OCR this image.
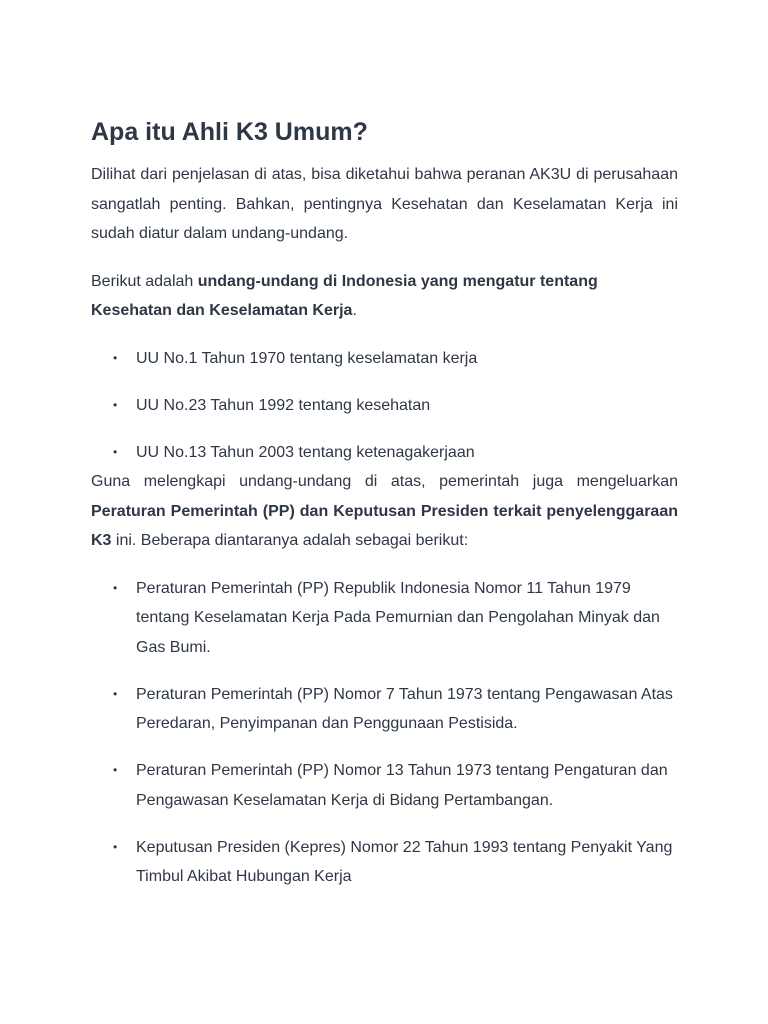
Apa itu Ahli K3 Umum?

Dilihat dari penjelasan di atas, bisa diketahui bahwa peranan AK3U di perusahaan sangatlah penting. Bahkan, pentingnya Kesehatan dan Keselamatan Kerja ini sudah diatur dalam undang-undang.

Berikut adalah undang-undang di Indonesia yang mengatur tentang Kesehatan dan Keselamatan Kerja.

• UU No.1 Tahun 1970 tentang keselamatan kerja
• UU No.23 Tahun 1992 tentang kesehatan
• UU No.13 Tahun 2003 tentang ketenagakerjaan

Guna melengkapi undang-undang di atas, pemerintah juga mengeluarkan Peraturan Pemerintah (PP) dan Keputusan Presiden terkait penyelenggaraan K3 ini. Beberapa diantaranya adalah sebagai berikut:

• Peraturan Pemerintah (PP) Republik Indonesia Nomor 11 Tahun 1979 tentang Keselamatan Kerja Pada Pemurnian dan Pengolahan Minyak dan Gas Bumi.
• Peraturan Pemerintah (PP) Nomor 7 Tahun 1973 tentang Pengawasan Atas Peredaran, Penyimpanan dan Penggunaan Pestisida.
• Peraturan Pemerintah (PP) Nomor 13 Tahun 1973 tentang Pengaturan dan Pengawasan Keselamatan Kerja di Bidang Pertambangan.
• Keputusan Presiden (Kepres) Nomor 22 Tahun 1993 tentang Penyakit Yang Timbul Akibat Hubungan Kerja
